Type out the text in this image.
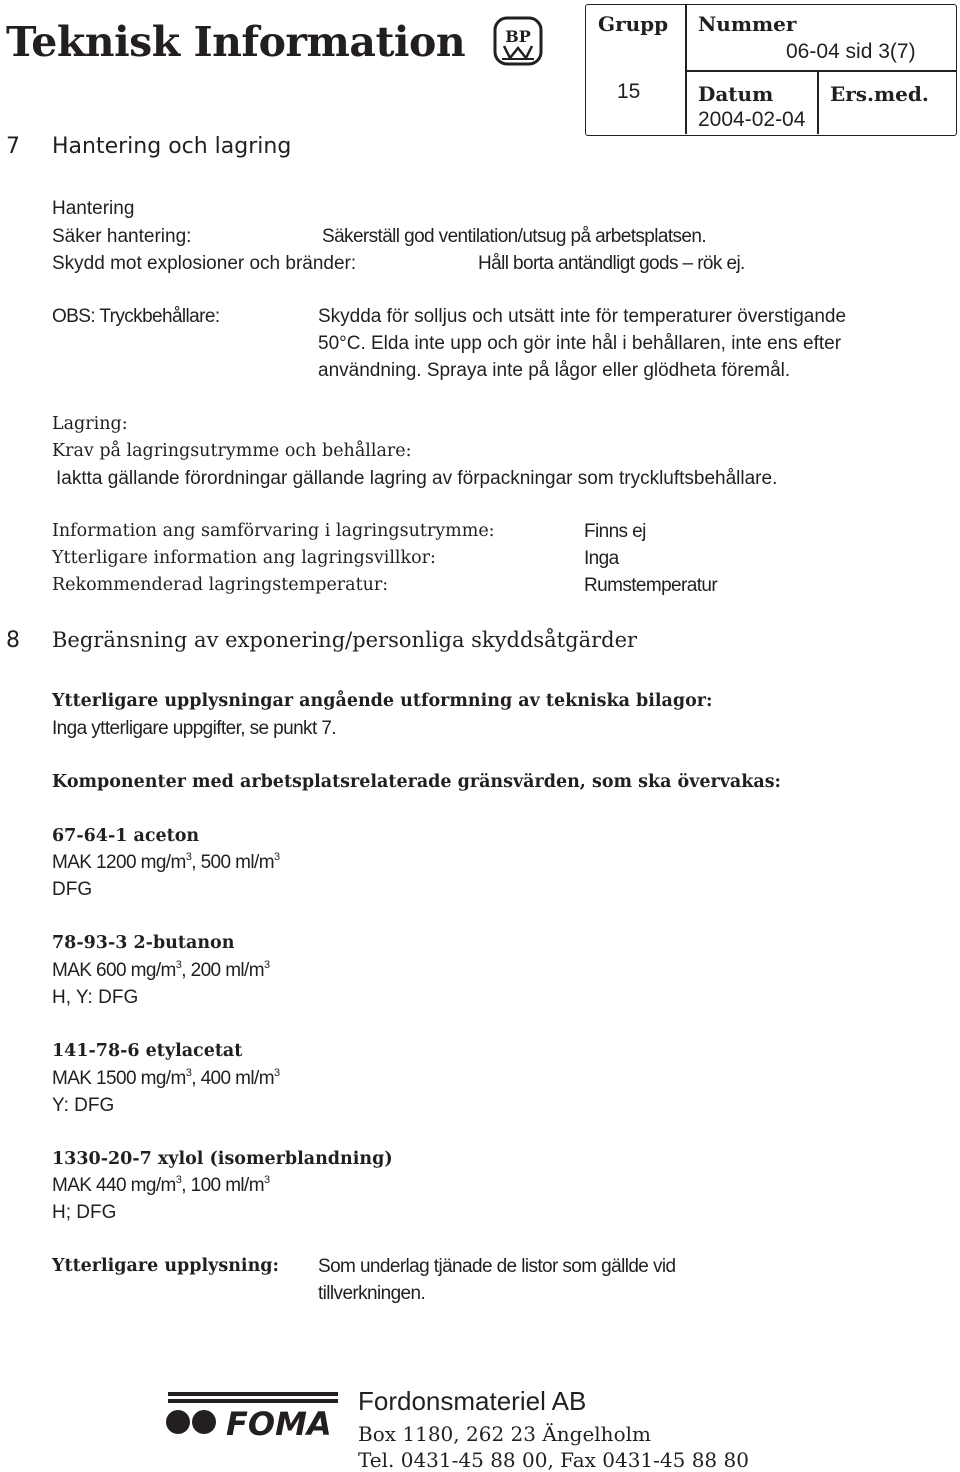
Teknisk Information	BP
Grupp
15
Nummer
06-04 sid 3(7)
Datum
2004-02-04
Ers.med.
7 Hantering och lagring
Hantering
Säker hantering:	Säkerställ god ventilation/utsug på arbetsplatsen.
Skydd mot explosioner och bränder:	Håll borta antändligt gods – rök ej.
OBS: Tryckbehållare:	Skydda för solljus och utsätt inte för temperaturer överstigande
50°C. Elda inte upp och gör inte hål i behållaren, inte ens efter
användning. Spraya inte på lågor eller glödheta föremål.
Lagring:
Krav på lagringsutrymme och behållare:
Iaktta gällande förordningar gällande lagring av förpackningar som tryckluftsbehållare.
Information ang samförvaring i lagringsutrymme:	Finns ej
Ytterligare information ang lagringsvillkor:	Inga
Rekommenderad lagringstemperatur:	Rumstemperatur
8 Begränsning av exponering/personliga skyddsåtgärder
Ytterligare upplysningar angående utformning av tekniska bilagor:
Inga ytterligare uppgifter, se punkt 7.
Komponenter med arbetsplatsrelaterade gränsvärden, som ska övervakas:
67-64-1 aceton
MAK 1200 $mg/m^3$, 500 $ml/m^3$
DFG
78-93-3 2-butanon
MAK 600 $mg/m^3$, 200 $ml/m^3$
H, Y: DFG
141-78-6 etylacetat
MAK 1500 $mg/m^3$, 400 $ml/m^3$
Y: DFG
1330-20-7 xylol (isomerblandning)
MAK 440 $mg/m^3$, 100 $ml/m^3$
H; DFG
Ytterligare upplysning: Som underlag tjänade de listor som gällde vid
tillverkningen.
FOMA
Fordonsmateriel AB
Box 1180, 262 23 Ängelholm
Tel. 0431-45 88 00, Fax 0431-45 88 80
